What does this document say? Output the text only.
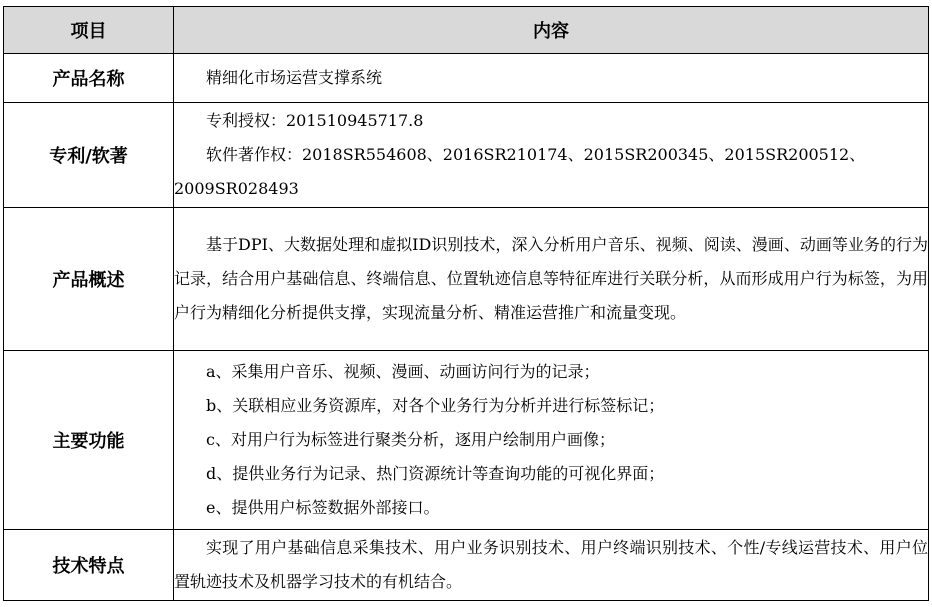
项目	内容
产品名称	精细化市场运营支撑系统

专利/软著	专利授权：201510945717.8

软件著作权：2018SR554608、2016SR210174、2015SR200345、2015SR200512、

2009SR028493

产品概述	基于DPI、大数据处理和虚拟ID识别技术，深入分析用户音乐、视频、阅读、漫画、动画等业务的行为记录，结合用户基础信息、终端信息、位置轨迹信息等特征库进行关联分析，从而形成用户行为标签，为用户行为精细化分析提供支撑，实现流量分析、精准运营推广和流量变现。

主要功能	a、采集用户音乐、视频、漫画、动画访问行为的记录；

b、关联相应业务资源库，对各个业务行为分析并进行标签标记；

c、对用户行为标签进行聚类分析，逐用户绘制用户画像；

d、提供业务行为记录、热门资源统计等查询功能的可视化界面；

e、提供用户标签数据外部接口。

技术特点	实现了用户基础信息采集技术、用户业务识别技术、用户终端识别技术、个性/专线运营技术、用户位置轨迹技术及机器学习技术的有机结合。
